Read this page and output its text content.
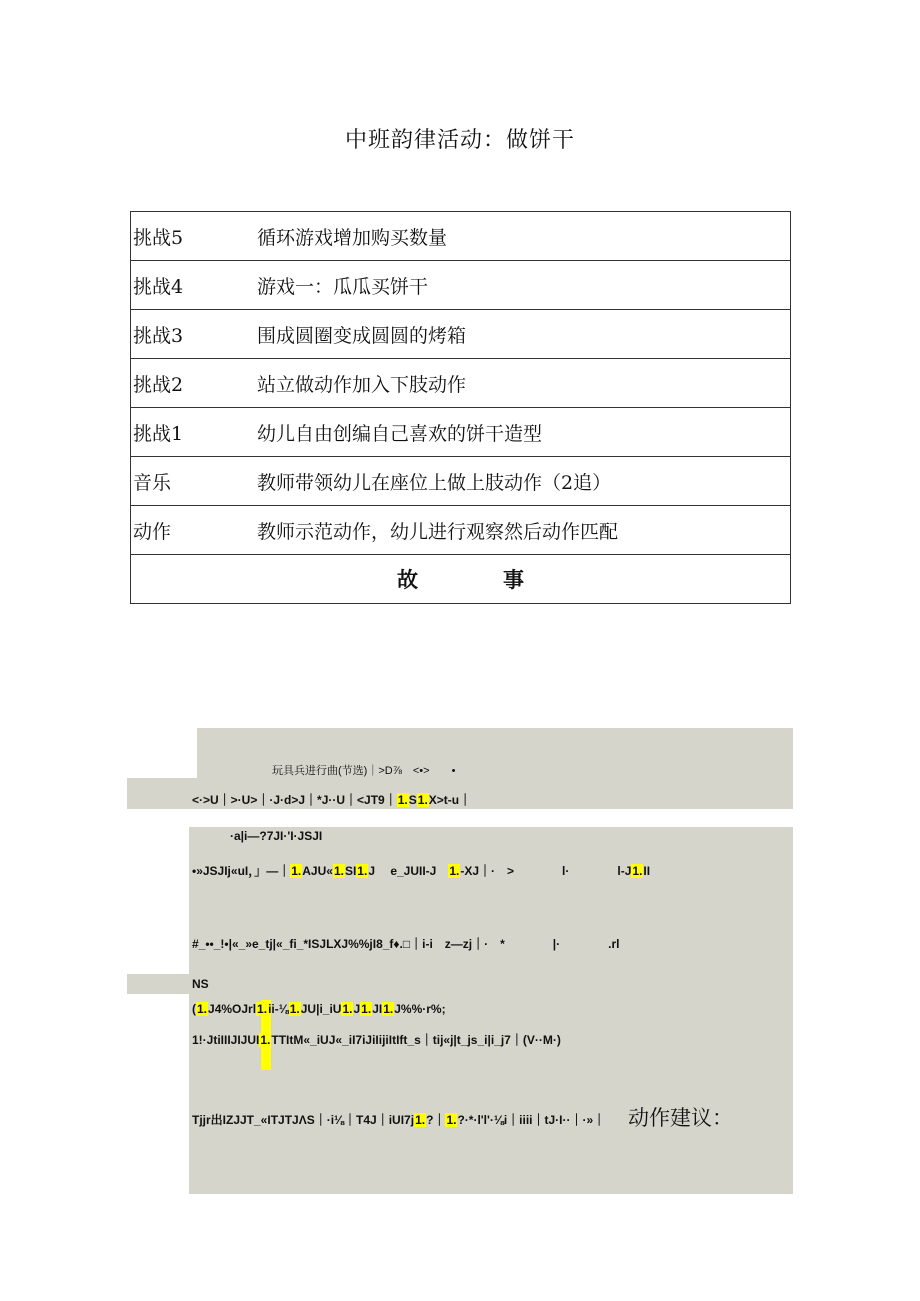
中班韵律活动：做饼干
挑战5	循环游戏增加购买数量
挑战4	游戏一：瓜瓜买饼干
挑战3	围成圆圈变成圆圆的烤箱
挑战2	站立做动作加入下肢动作
挑战1	幼儿自由创编自己喜欢的饼干造型
音乐	教师带领幼儿在座位上做上肢动作（2追）
动作	教师示范动作，幼儿进行观察然后动作匹配
故事	
玩具兵进行曲(节选)｜>D⅞　<•>　　•
<·>U｜>·U>｜·J·d>J｜*J··U｜<JT9｜1.S1.X>t-u｜
·a|i—?7JI·'I·JSJI
•»JSJIj«uI，」—｜1.AJU«1.SI1.J　 e_JUII-J　1.-XJ｜·　>　　　　l·　　　　l-J1.II
#_••_!•|«_»e_tj|«_fi_*ISJLXJ%%jI8_f♦.□｜i-i　z—zj｜·　*　　　　|·　　　　.rl
NS
(1.J4%OJrl1.ii-⅛1.JU|i_iU1.J1.JI1.J%%·r%;
1!·JtiIIIJIJUI1.TTItM«_iUJ«_iI7iJiIijiItIft_s｜tij«j|t_js_i|i_j7｜(V··M·)
Tjjr出IZJJT_«ITJTJΛS｜·i⅛｜T4J｜iUI7j1.?｜1.?·*·l'l'·⅛i｜iiii｜tJ·I··｜·»｜ 动作建议：
